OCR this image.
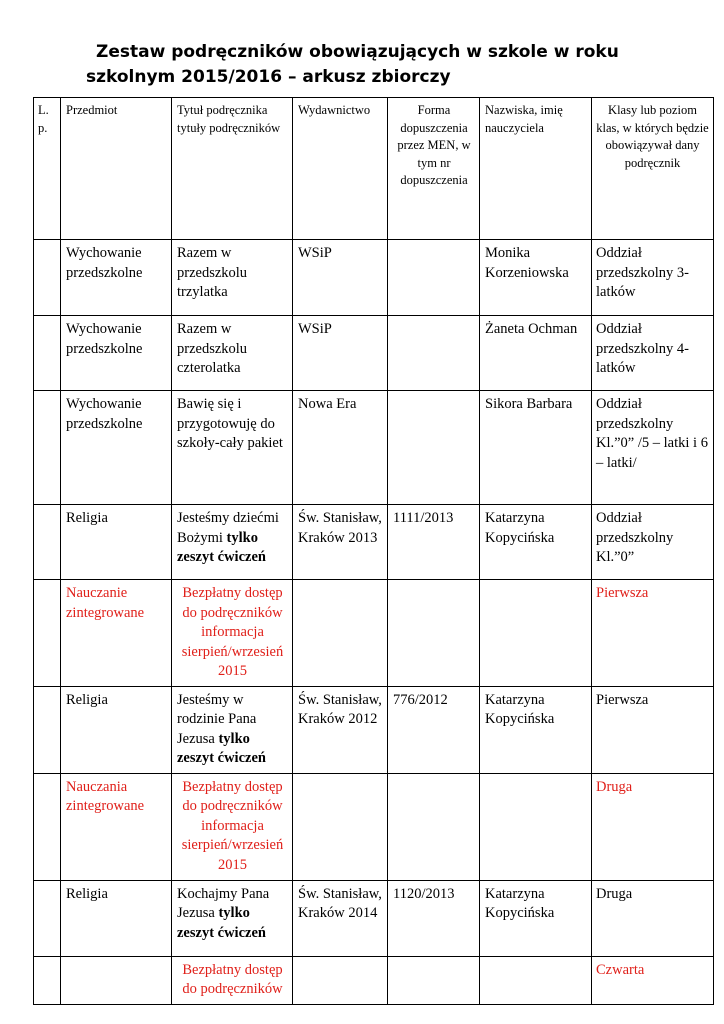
Zestaw podręczników obowiązujących w szkole w roku
szkolnym 2015/2016 – arkusz zbiorczy
L. p.	Przedmiot	Tytuł podręcznika tytuły podręczników	Wydawnictwo	Forma dopuszczenia przez MEN, w tym nr dopuszczenia	Nazwiska, imię nauczyciela	Klasy lub poziom klas, w których będzie obowiązywał dany podręcznik
	Wychowanie przedszkolne	Razem w przedszkolu trzylatka	WSiP		Monika Korzeniowska	Oddział przedszkolny 3-latków
	Wychowanie przedszkolne	Razem w przedszkolu czterolatka	WSiP		Żaneta Ochman	Oddział przedszkolny 4-latków
	Wychowanie przedszkolne	Bawię się i przygotowuję do szkoły-cały pakiet	Nowa Era		Sikora Barbara	Oddział przedszkolny Kl.”0” /5 – latki i 6 – latki/
	Religia	Jesteśmy dziećmi Bożymi tylko zeszyt ćwiczeń	Św. Stanisław, Kraków 2013	1111/2013	Katarzyna Kopycińska	Oddział przedszkolny Kl.”0”
	Nauczanie zintegrowane	Bezpłatny dostęp do podręczników informacja sierpień/wrzesień 2015				Pierwsza
	Religia	Jesteśmy w rodzinie Pana Jezusa tylko zeszyt ćwiczeń	Św. Stanisław, Kraków 2012	776/2012	Katarzyna Kopycińska	Pierwsza
	Nauczania zintegrowane	Bezpłatny dostęp do podręczników informacja sierpień/wrzesień 2015				Druga
	Religia	Kochajmy Pana Jezusa tylko zeszyt ćwiczeń	Św. Stanisław, Kraków 2014	1120/2013	Katarzyna Kopycińska	Druga
		Bezpłatny dostęp do podręczników				Czwarta
